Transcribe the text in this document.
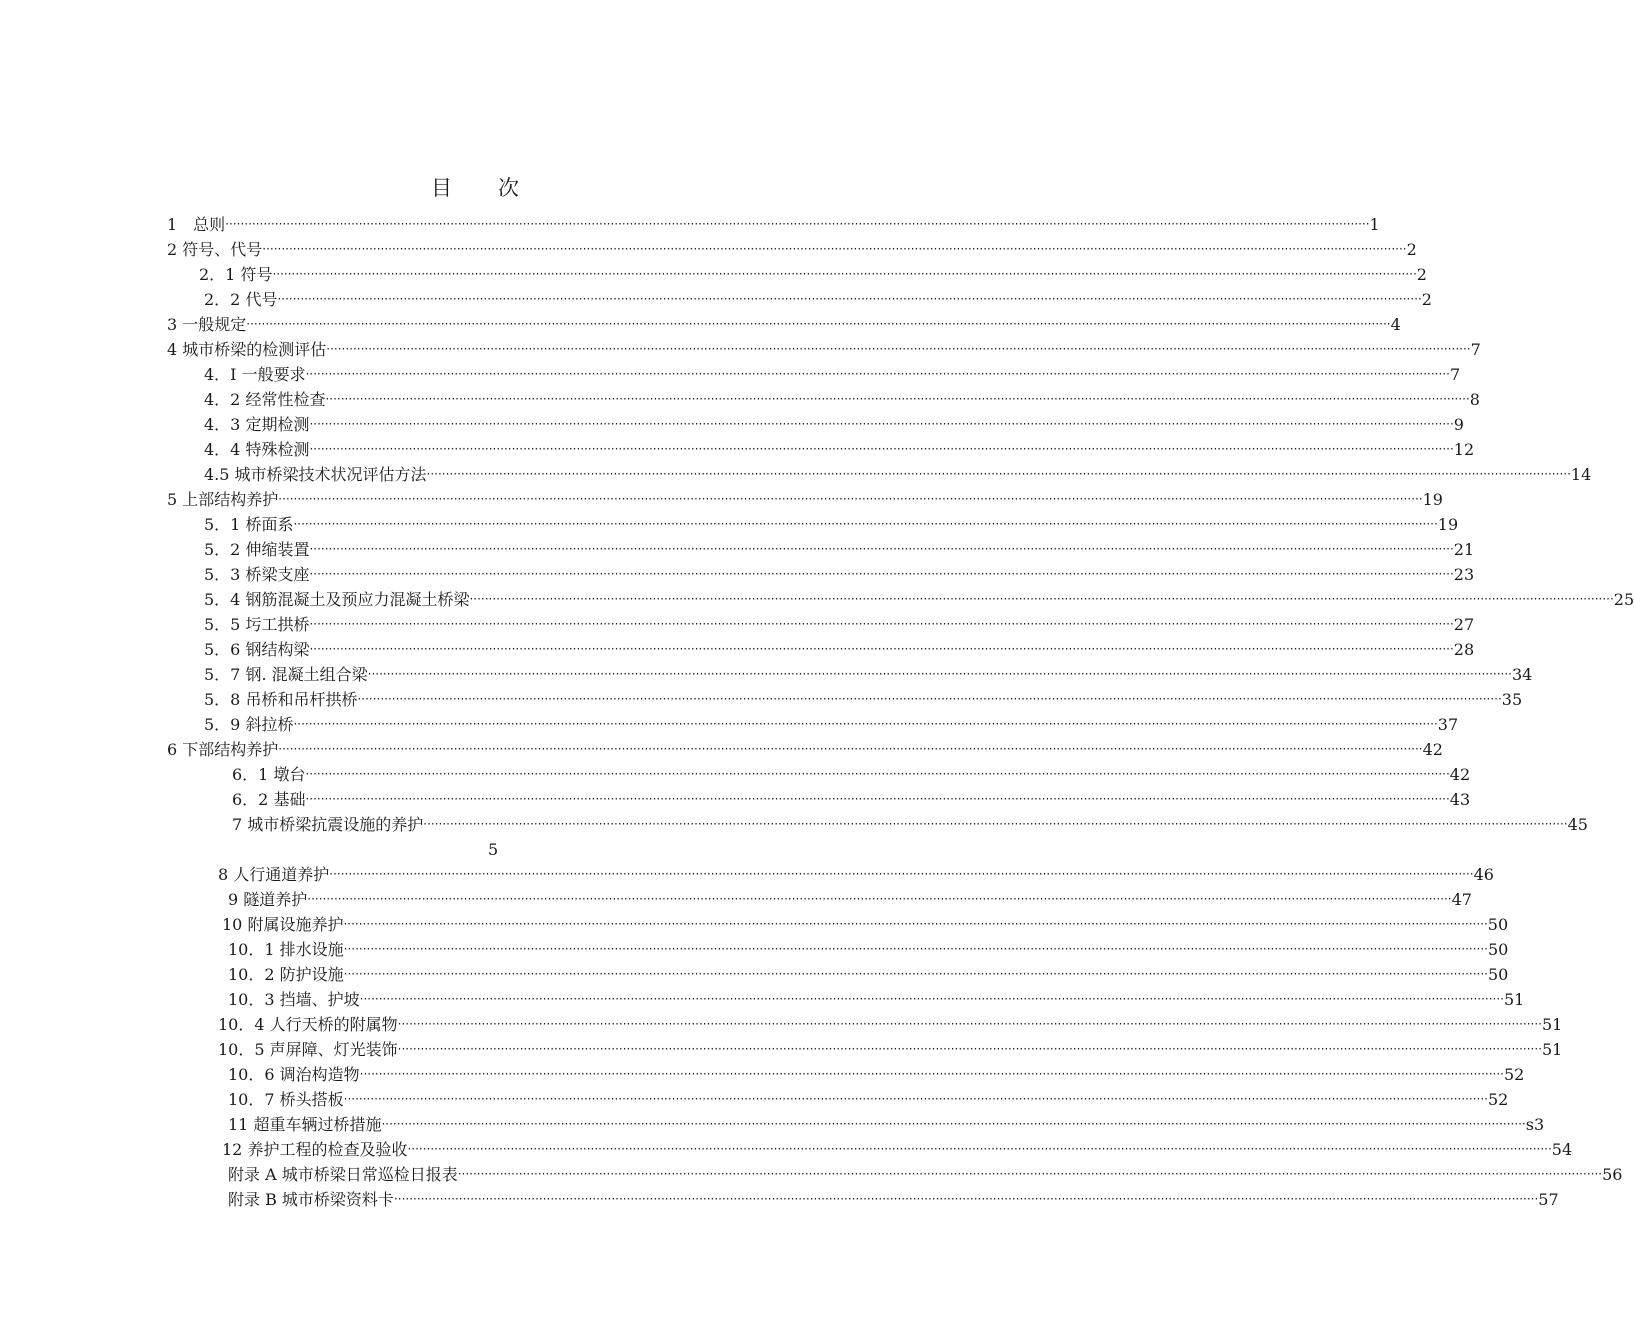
目 次
1　总则 ············································································································································································································································································································ 1
2 符号、代号 ············································································································································································································································································································ 2
2．1 符号 ············································································································································································································································································································ 2
2．2 代号 ············································································································································································································································································································ 2
3 一般规定 ············································································································································································································································································································ 4
4 城市桥梁的检测评估 ············································································································································································································································································································ 7
4．I 一般要求 ············································································································································································································································································································ 7
4．2 经常性检查 ············································································································································································································································································································ 8
4．3 定期检测 ············································································································································································································································································································ 9
4．4 特殊检测 ············································································································································································································································································································ 12
4.5 城市桥梁技术状况评估方法 ············································································································································································································································································································ 14
5 上部结构养护 ············································································································································································································································································································ 19
5．1 桥面系 ············································································································································································································································································································ 19
5．2 伸缩装置 ············································································································································································································································································································ 21
5．3 桥梁支座 ············································································································································································································································································································ 23
5．4 钢筋混凝土及预应力混凝土桥梁 ············································································································································································································································································································ 25
5．5 圬工拱桥 ············································································································································································································································································································ 27
5．6 钢结构梁 ············································································································································································································································································································ 28
5．7 钢. 混凝土组合梁 ············································································································································································································································································································ 34
5．8 吊桥和吊杆拱桥 ············································································································································································································································································································ 35
5．9 斜拉桥 ············································································································································································································································································································ 37
6 下部结构养护 ············································································································································································································································································································ 42
6．1 墩台 ············································································································································································································································································································ 42
6．2 基础 ············································································································································································································································································································ 43
7 城市桥梁抗震设施的养护 ············································································································································································································································································································ 45
5
8 人行通道养护 ············································································································································································································································································································ 46
9 隧道养护 ············································································································································································································································································································ 47
10 附属设施养护 ············································································································································································································································································································ 50
10．1 排水设施 ············································································································································································································································································································ 50
10．2 防护设施 ············································································································································································································································································································ 50
10．3 挡墙、护坡 ············································································································································································································································································································ 51
10．4 人行天桥的附属物 ············································································································································································································································································································ 51
10．5 声屏障、灯光装饰 ············································································································································································································································································································ 51
10．6 调治构造物 ············································································································································································································································································································ 52
10．7 桥头搭板 ············································································································································································································································································································ 52
11 超重车辆过桥措施 ············································································································································································································································································································ s3
12 养护工程的检查及验收 ············································································································································································································································································································ 54
附录 A 城市桥梁日常巡检日报表 ············································································································································································································································································································ 56
附录 B 城市桥梁资料卡 ············································································································································································································································································································ 57
